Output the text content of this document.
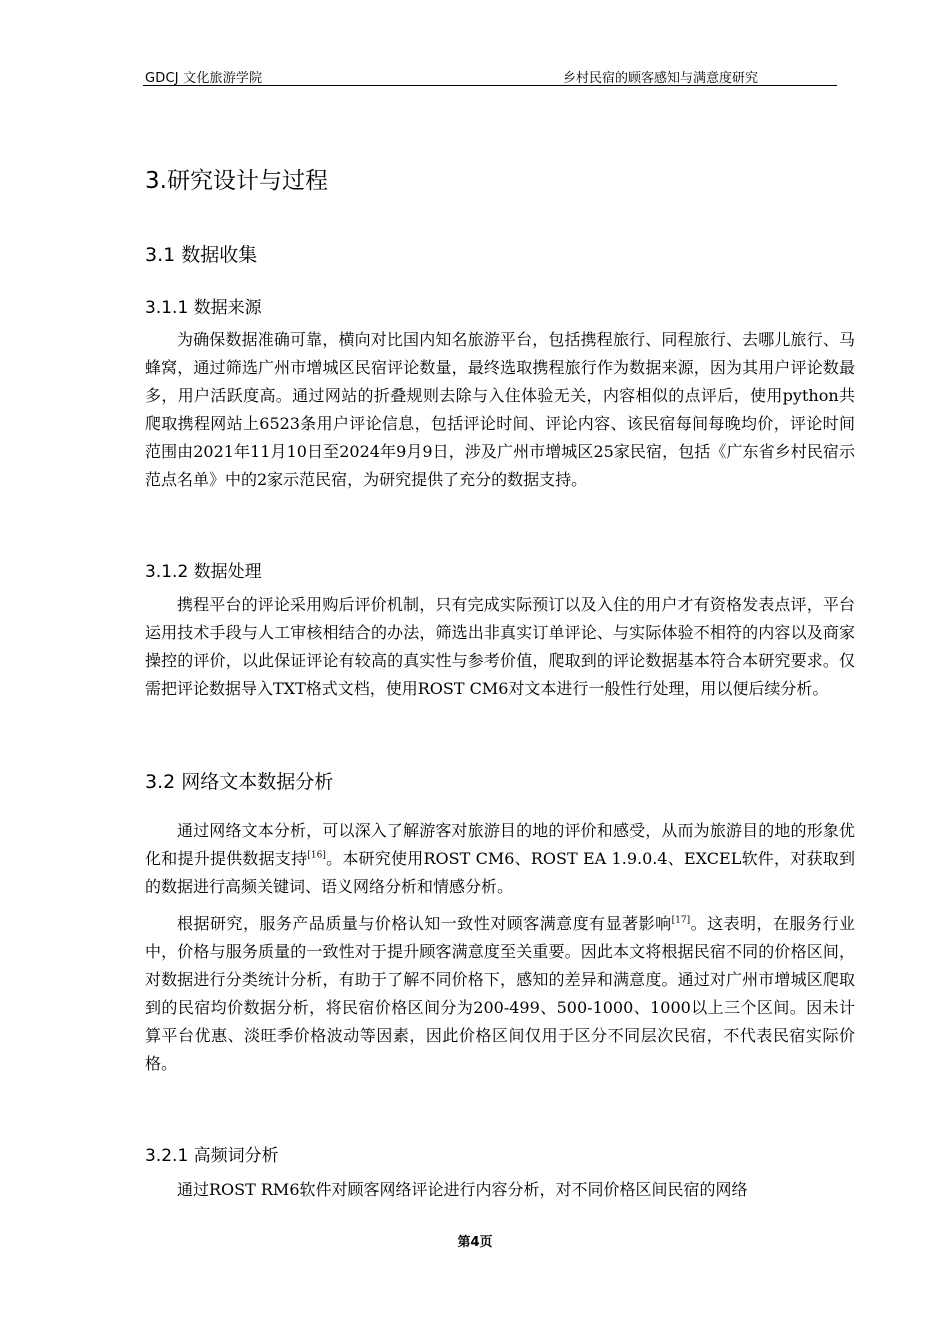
GDCJ 文化旅游学院	乡村民宿的顾客感知与满意度研究
3.研究设计与过程
3.1 数据收集
3.1.1 数据来源
为确保数据准确可靠，横向对比国内知名旅游平台，包括携程旅行、同程旅行、去哪儿旅行、马蜂窝，通过筛选广州市增城区民宿评论数量，最终选取携程旅行作为数据来源，因为其用户评论数最多，用户活跃度高。通过网站的折叠规则去除与入住体验无关，内容相似的点评后，使用python共爬取携程网站上6523条用户评论信息，包括评论时间、评论内容、该民宿每间每晚均价，评论时间范围由2021年11月10日至2024年9月9日，涉及广州市增城区25家民宿，包括《广东省乡村民宿示范点名单》中的2家示范民宿，为研究提供了充分的数据支持。
3.1.2 数据处理
携程平台的评论采用购后评价机制，只有完成实际预订以及入住的用户才有资格发表点评，平台运用技术手段与人工审核相结合的办法，筛选出非真实订单评论、与实际体验不相符的内容以及商家操控的评价，以此保证评论有较高的真实性与参考价值，爬取到的评论数据基本符合本研究要求。仅需把评论数据导入TXT格式文档，使用ROST CM6对文本进行一般性行处理，用以便后续分析。
3.2 网络文本数据分析
通过网络文本分析，可以深入了解游客对旅游目的地的评价和感受，从而为旅游目的地的形象优化和提升提供数据支持[16]。本研究使用ROST CM6、ROST EA 1.9.0.4、EXCEL软件，对获取到的数据进行高频关键词、语义网络分析和情感分析。
根据研究，服务产品质量与价格认知一致性对顾客满意度有显著影响[17]。这表明，在服务行业中，价格与服务质量的一致性对于提升顾客满意度至关重要。因此本文将根据民宿不同的价格区间，对数据进行分类统计分析，有助于了解不同价格下，感知的差异和满意度。通过对广州市增城区爬取到的民宿均价数据分析，将民宿价格区间分为200-499、500-1000、1000以上三个区间。因未计算平台优惠、淡旺季价格波动等因素，因此价格区间仅用于区分不同层次民宿，不代表民宿实际价格。
3.2.1 高频词分析
通过ROST RM6软件对顾客网络评论进行内容分析，对不同价格区间民宿的网络
第4页
